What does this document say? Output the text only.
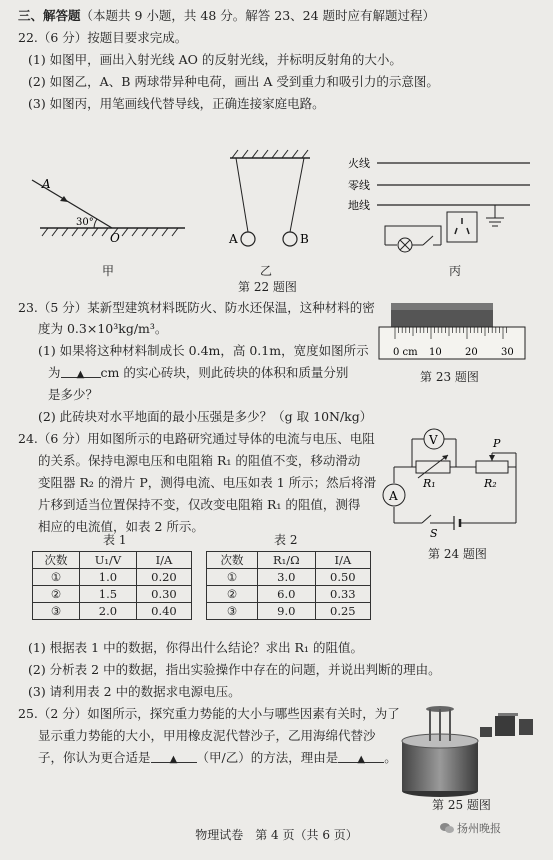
三、解答题（本题共 9 小题，共 48 分。解答 23、24 题时应有解题过程）
22.（6 分）按题目要求完成。
(1) 如图甲，画出入射光线 AO 的反射光线，并标明反射角的大小。
(2) 如图乙，A、B 两球带异种电荷，画出 A 受到重力和吸引力的示意图。
(3) 如图丙，用笔画线代替导线，正确连接家庭电路。
A
30°
O
甲
A	B
乙
火线
零线
地线
丙
第 22 题图
23.（5 分）某新型建筑材料既防火、防水还保温，这种材料的密
度为 0.3×10³kg/m³。
(1) 如果将这种材料制成长 0.4m，高 0.1m，宽度如图所示
为 ▲ cm 的实心砖块，则此砖块的体积和质量分别
是多少？
(2) 此砖块对水平地面的最小压强是多少？（g 取 10N/kg）
0 cm 10 20 30
第 23 题图
24.（6 分）用如图所示的电路研究通过导体的电流与电压、电阻
的关系。保持电源电压和电阻箱 R₁ 的阻值不变，移动滑动
变阻器 R₂ 的滑片 P，测得电流、电压如表 1 所示；然后将滑
片移到适当位置保持不变，仅改变电阻箱 R₁ 的阻值，测得
相应的电流值，如表 2 所示。
A
V	P
R₁	R₂
S
第 24 题图
表 1	表 2
次数	U₁/V	I/A
①	1.0	0.20
②	1.5	0.30
③	2.0	0.40
次数	R₁/Ω	I/A
①	3.0	0.50
②	6.0	0.33
③	9.0	0.25
(1) 根据表 1 中的数据，你得出什么结论？求出 R₁ 的阻值。
(2) 分析表 2 中的数据，指出实验操作中存在的问题，并说出判断的理由。
(3) 请利用表 2 中的数据求电源电压。
25.（2 分）如图所示，探究重力势能的大小与哪些因素有关时，为了
显示重力势能的大小，甲用橡皮泥代替沙子，乙用海绵代替沙
子，你认为更合适是 ▲ （甲/乙）的方法，理由是 ▲ 。
第 25 题图
物理试卷　第 4 页（共 6 页）	扬州晚报
